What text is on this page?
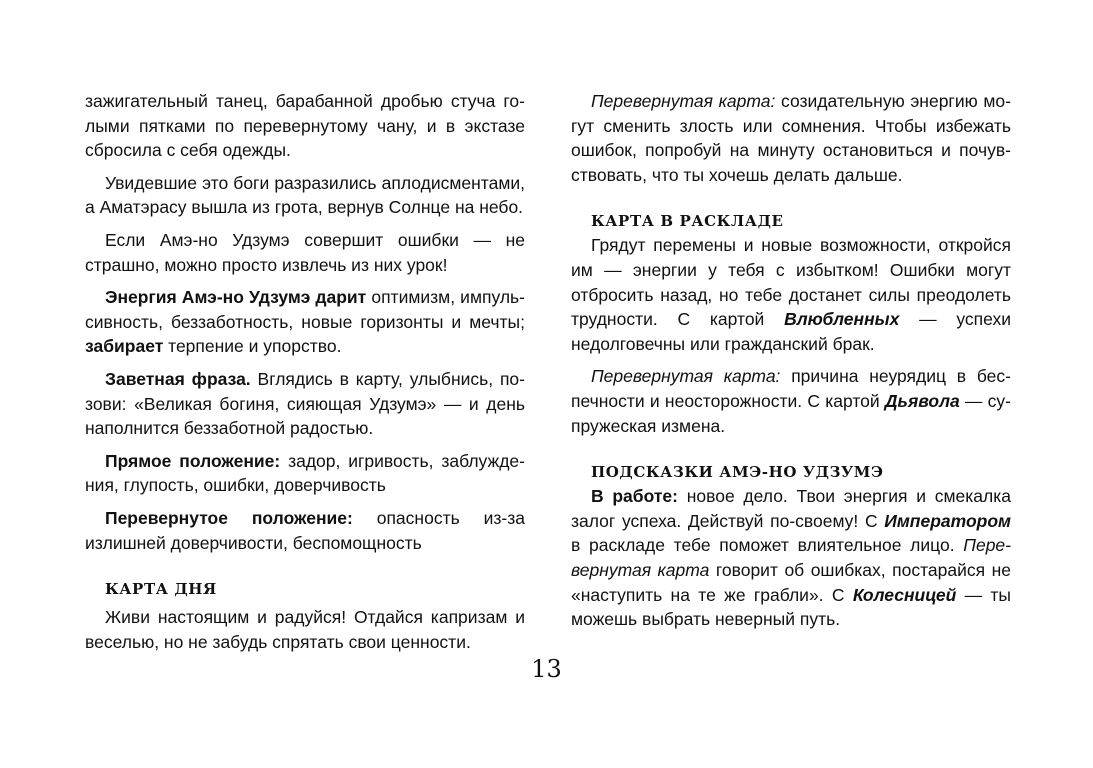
зажигательный танец, барабанной дробью стуча голыми пятками по перевернутому чану, и в экстазе сбросила с себя одежды.

Увидевшие это боги разразились аплодисментами, а Аматэрасу вышла из грота, вернув Солнце на небо.

Если Амэ-но Удзумэ совершит ошибки — не страшно, можно просто извлечь из них урок!

Энергия Амэ-но Удзумэ дарит оптимизм, импульсивность, беззаботность, новые горизонты и мечты; забирает терпение и упорство.

Заветная фраза. Вглядись в карту, улыбнись, позови: «Великая богиня, сияющая Удзумэ» — и день наполнится беззаботной радостью.

Прямое положение: задор, игривость, заблуждения, глупость, ошибки, доверчивость

Перевернутое положение: опасность из-за излишней доверчивости, беспомощность

КАРТА ДНЯ

Живи настоящим и радуйся! Отдайся капризам и веселью, но не забудь спрятать свои ценности.

Перевернутая карта: созидательную энергию могут сменить злость или сомнения. Чтобы избежать ошибок, попробуй на минуту остановиться и почувствовать, что ты хочешь делать дальше.

КАРТА В РАСКЛАДЕ

Грядут перемены и новые возможности, откройся им — энергии у тебя с избытком! Ошибки могут отбросить назад, но тебе достанет силы преодолеть трудности. С картой Влюбленных — успехи недолговечны или гражданский брак.

Перевернутая карта: причина неурядиц в беспечности и неосторожности. С картой Дьявола — супружеская измена.

ПОДСКАЗКИ АМЭ-НО УДЗУМЭ

В работе: новое дело. Твои энергия и смекалка залог успеха. Действуй по-своему! С Императором в раскладе тебе поможет влиятельное лицо. Перевернутая карта говорит об ошибках, постарайся не «наступить на те же грабли». С Колесницей — ты можешь выбрать неверный путь.

13
